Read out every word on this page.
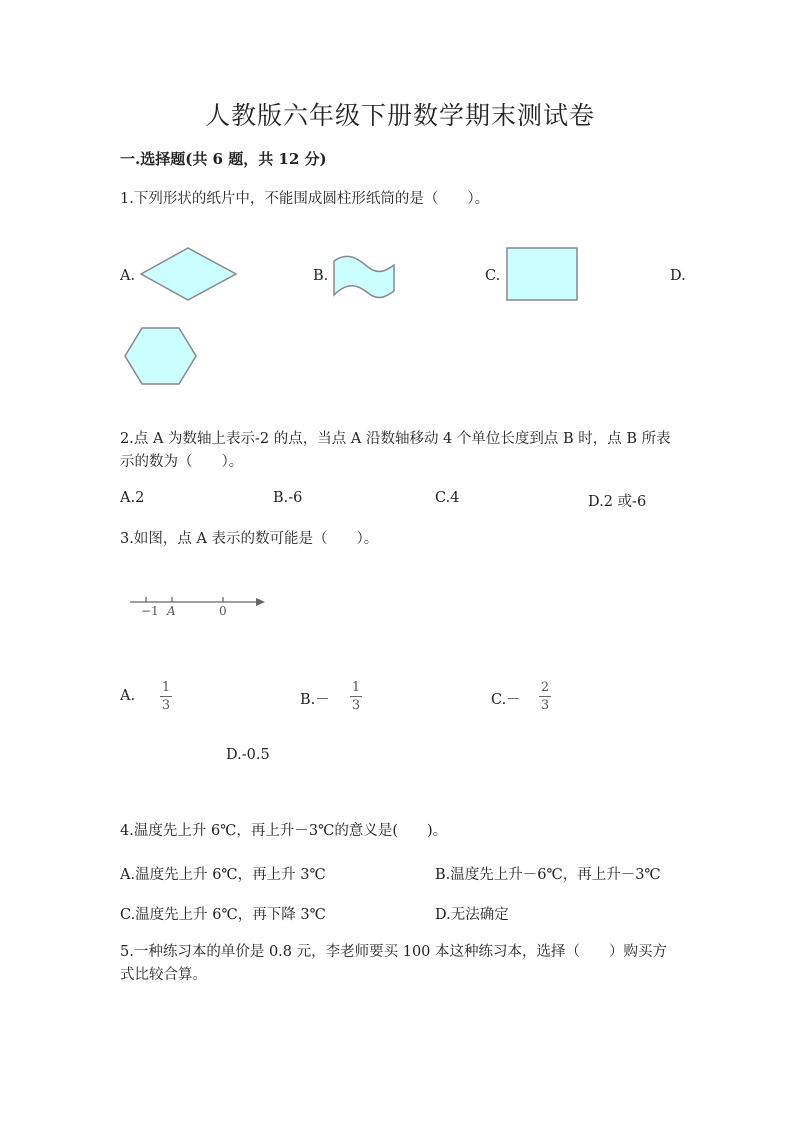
人教版六年级下册数学期末测试卷
一.选择题(共 6 题，共 12 分)
1.下列形状的纸片中，不能围成圆柱形纸筒的是（　　）。
A.	B.	C.	D.
2.点 A 为数轴上表示-2 的点，当点 A 沿数轴移动 4 个单位长度到点 B 时，点 B 所表示的数为（　　）。
A.2	B.-6	C.4	D.2 或-6
3.如图，点 A 表示的数可能是（　　）。
−1 A	0
A.
1
3	B.－
1
3	C.－
2
3
D.-0.5
4.温度先上升 6℃，再上升－3℃的意义是(　　)。
A.温度先上升 6℃，再上升 3℃	B.温度先上升－6℃，再上升－3℃
C.温度先上升 6℃，再下降 3℃	D.无法确定
5.一种练习本的单价是 0.8 元，李老师要买 100 本这种练习本，选择（　　）购买方式比较合算。
